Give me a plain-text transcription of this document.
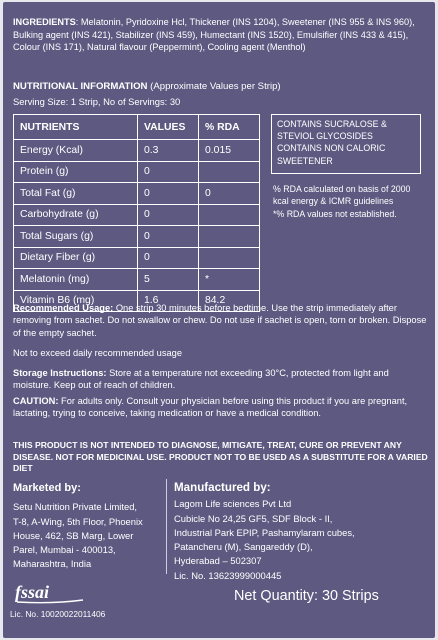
INGREDIENTS: Melatonin, Pyridoxine Hcl, Thickener (INS 1204), Sweetener (INS 955 & INS 960), Bulking agent (INS 421), Stabilizer (INS 459), Humectant (INS 1520), Emulsifier (INS 433 & 415), Colour (INS 171), Natural flavour (Peppermint), Cooling agent (Menthol)
NUTRITIONAL INFORMATION (Approximate Values per Strip)
Serving Size: 1 Strip, No of Servings: 30
NUTRIENTS	VALUES	% RDA
Energy (Kcal)	0.3	0.015
Protein (g)	0	
Total Fat (g)	0	0
Carbohydrate (g)	0	
Total Sugars (g)	0	
Dietary Fiber (g)	0	
Melatonin (mg)	5	*
Vitamin B6 (mg)	1.6	84.2
CONTAINS SUCRALOSE & STEVIOL GLYCOSIDES
CONTAINS NON CALORIC SWEETENER
% RDA calculated on basis of 2000 kcal energy & ICMR guidelines
*% RDA values not established.
Recommended Usage: One strip 30 minutes before bedtime. Use the strip immediately after removing from sachet. Do not swallow or chew. Do not use if sachet is open, torn or broken. Dispose of the empty sachet.
Not to exceed daily recommended usage
Storage Instructions: Store at a temperature not exceeding 30°C, protected from light and moisture. Keep out of reach of children.
CAUTION: For adults only. Consult your physician before using this product if you are pregnant, lactating, trying to conceive, taking medication or have a medical condition.
THIS PRODUCT IS NOT INTENDED TO DIAGNOSE, MITIGATE, TREAT, CURE OR PREVENT ANY DISEASE. NOT FOR MEDICINAL USE. PRODUCT NOT TO BE USED AS A SUBSTITUTE FOR A VARIED DIET
Marketed by:
Setu Nutrition Private Limited,
T-8, A-Wing, 5th Floor, Phoenix
House, 462, SB Marg, Lower
Parel, Mumbai - 400013,
Maharashtra, India
Manufactured by:
Lagom Life sciences Pvt Ltd
Cubicle No 24,25 GF5, SDF Block - II,
Industrial Park EPIP, Pashamylaram cubes,
Patancheru (M), Sangareddy (D),
Hyderabad – 502307
Lic. No. 13623999000445
fssai
Lic. No. 10020022011406
Net Quantity: 30 Strips
